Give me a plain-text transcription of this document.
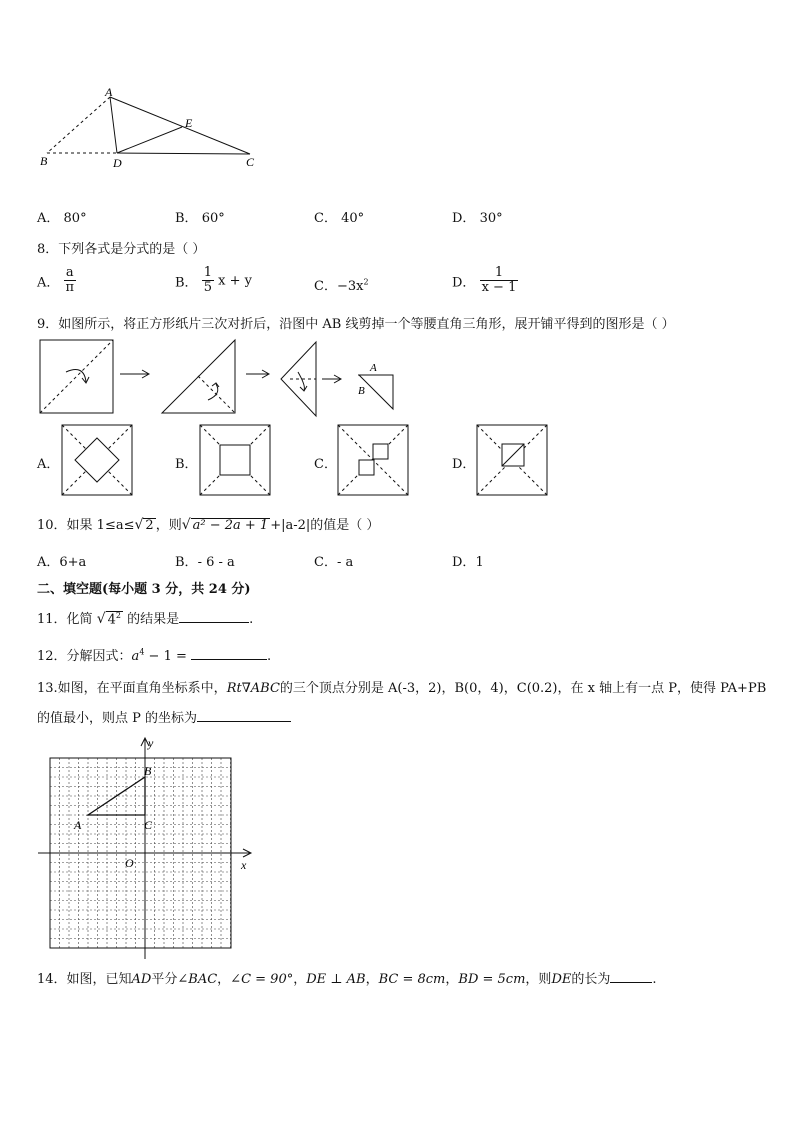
A
B	D
E
C
A． 80°	B． 60°	C． 40°	D． 30°
8．下列各式是分式的是（ ）
A． $\frac{a}{\pi}$	B． $\frac{1}{5}$ x + y	C．$-3x^2$	D． $\frac{1}{x - 1}$
9．如图所示，将正方形纸片三次对折后，沿图中 AB 线剪掉一个等腰直角三角形，展开铺平得到的图形是（ ）
A
B
A．	B．	C．	D．
10．如果 1≤a≤√ 2 ，则√ a² − 2a + 1 +|a-2|的值是（ ）
A．6+a	B．- 6 - a	C．- a	D．1
二、填空题(每小题 3 分，共 24 分)
11．化简 √ $4^2$ 的结果是	.
12．分解因式：$a^4 - 1$ =	.
13.如图，在平面直角坐标系中，Rt∇ABC的三个顶点分别是 A(-3，2)，B(0，4)，C(0.2)，在 x 轴上有一点 P，使得 PA+PB
的值最小，则点 P 的坐标为
y
x
O
A
B
C
14．如图，已知AD平分∠BAC，∠C = 90°，DE ⊥ AB，BC = 8cm，BD = 5cm，则DE的长为	.
